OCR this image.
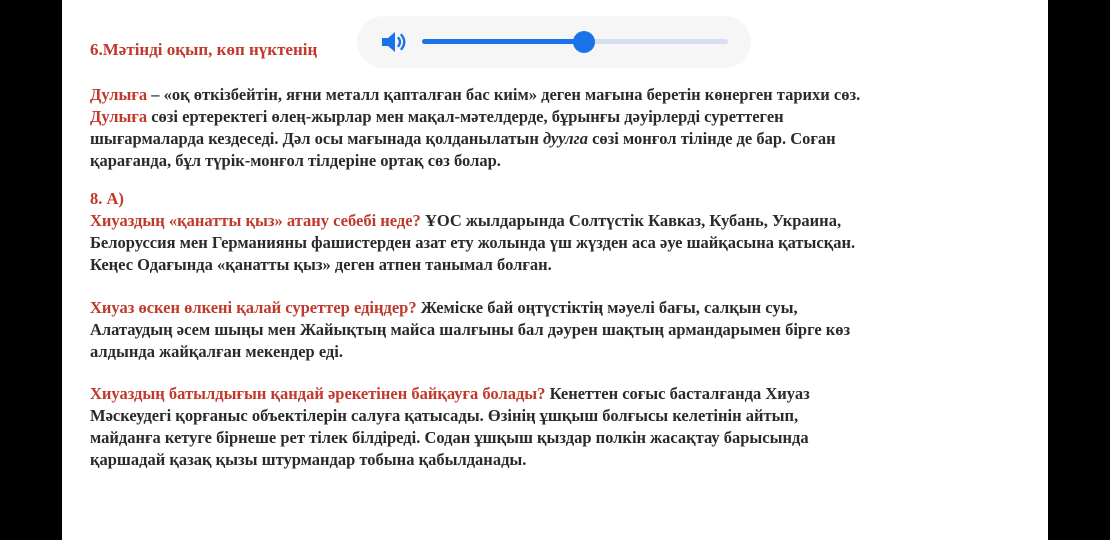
6.Мәтінді оқып, көп нүктенің
Дулыға – «оқ өткізбейтін, яғни металл қапталған бас киім» деген мағына беретін көнерген тарихи сөз.
Дулыға сөзі ертеректегі өлең-жырлар мен мақал-мәтелдерде, бұрынғы дәуірлерді суреттеген
шығармаларда кездеседі. Дәл осы мағынада қолданылатын дуулга сөзі монғол тілінде де бар. Соған
қарағанда, бұл түрік-монғол тілдеріне ортақ сөз болар.
8. А)
Хиуаздың «қанатты қыз» атану себебі неде? ҰОС жылдарында Солтүстік Кавказ, Кубань, Украина,
Белоруссия мен Германияны фашистерден азат ету жолында үш жүзден аса әуе шайқасына қатысқан.
Кеңес Одағында «қанатты қыз» деген атпен танымал болған.
Хиуаз өскен өлкені қалай суреттер едіңдер? Жеміске бай оңтүстіктің мәуелі бағы, салқын суы,
Алатаудың әсем шыңы мен Жайықтың майса шалғыны бал дәурен шақтың армандарымен бірге көз
алдында жайқалған мекендер еді.
Хиуаздың батылдығын қандай әрекетінен байқауға болады? Кенеттен соғыс басталғанда Хиуаз
Мәскеудегі қорғаныс объектілерін салуға қатысады. Өзінің ұшқыш болғысы келетінін айтып,
майданға кетуге бірнеше рет тілек білдіреді. Содан ұшқыш қыздар полкін жасақтау барысында
қаршадай қазақ қызы штурмандар тобына қабылданады.
